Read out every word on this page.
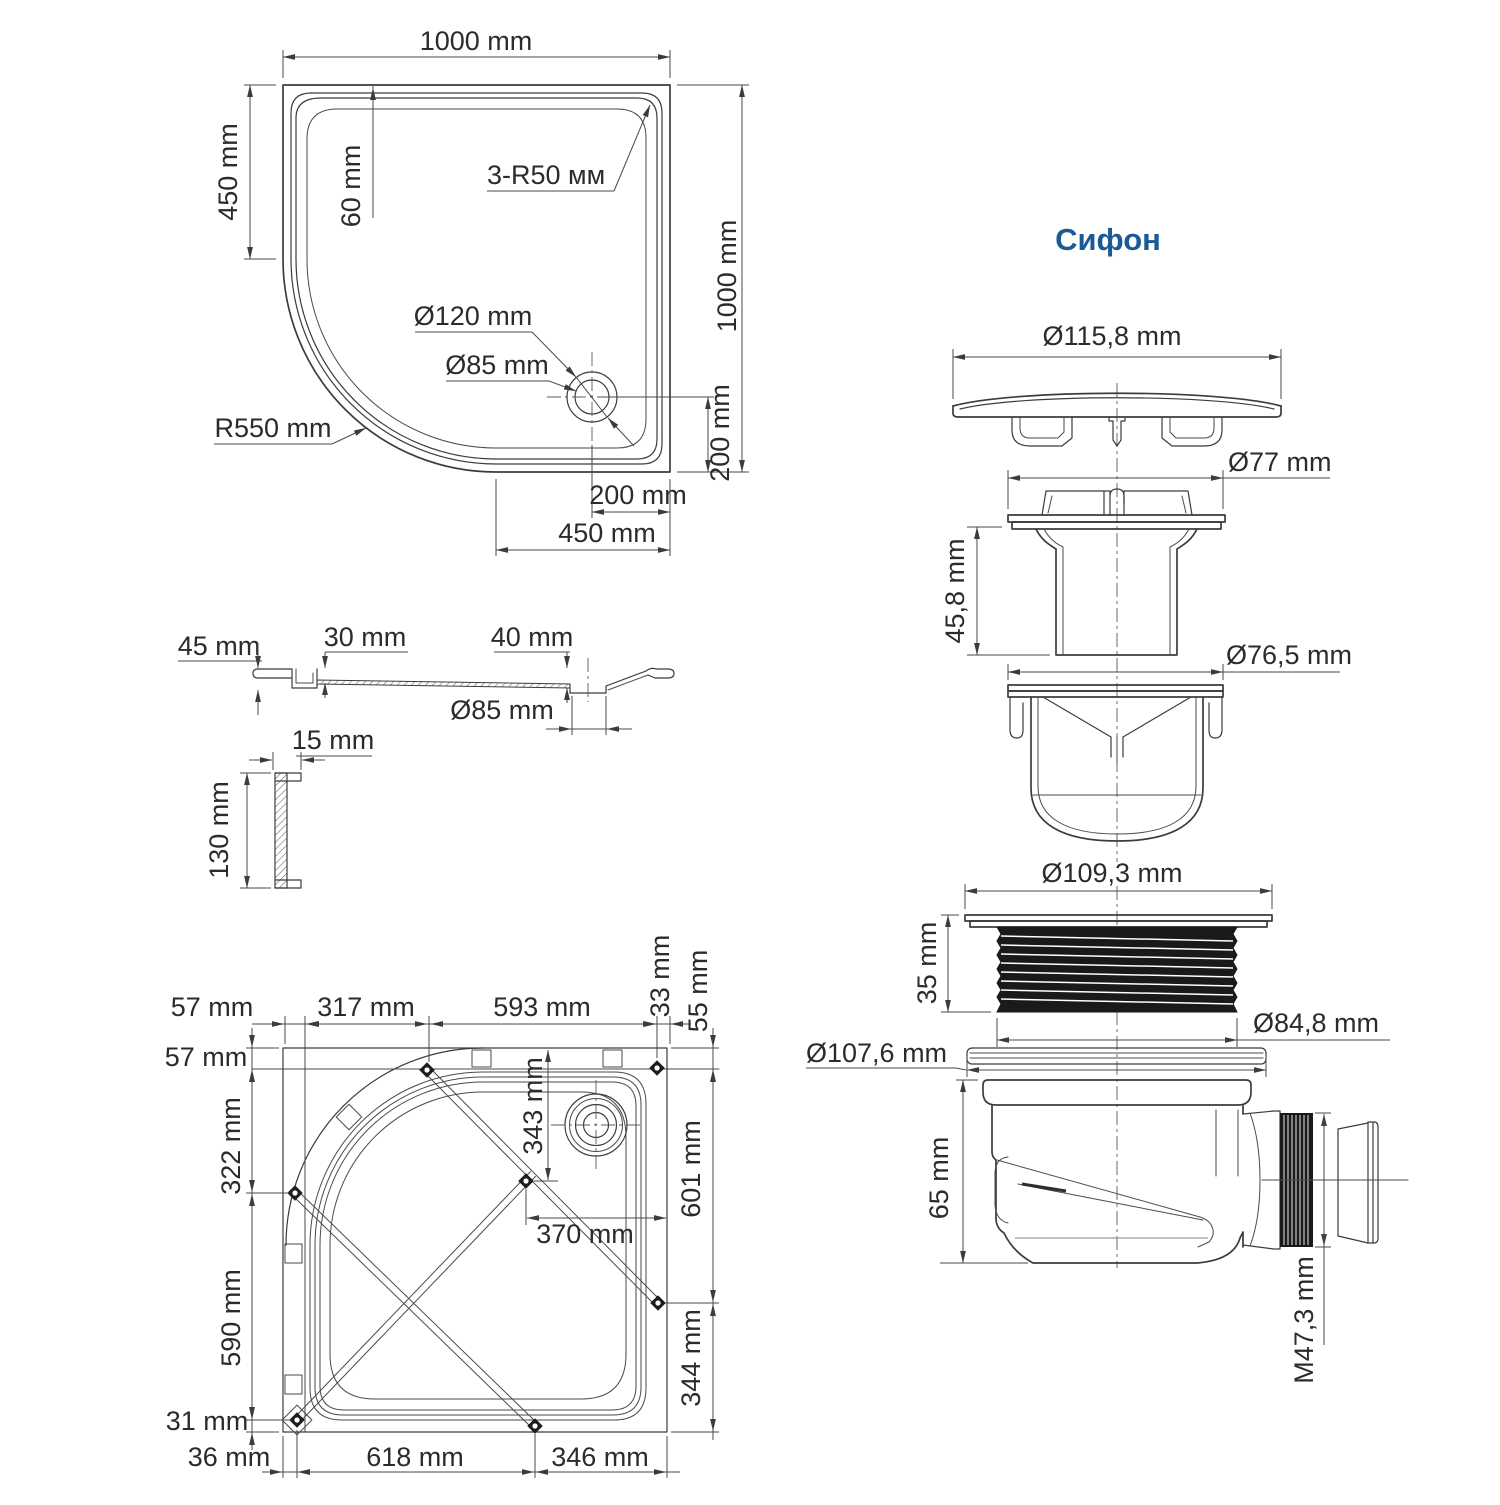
1000 mm
450 mm	60 mm	3-R50 мм
Ø120 mm
Ø85 mm
R550 mm
1000 mm
200 mm
200 mm
450 mm
45 mm 30 mm	40 mm
Ø85 mm
15 mm
130 mm
57 mm 317 mm	593 mm 33 mm 55 mm
57 mm
322 mm
590 mm
31 mm
36 mm	618 mm	346 mm
601 mm
344 mm
343 mm
370 mm
Сифон
Ø115,8 mm
Ø77 mm
45,8 mm
Ø76,5 mm
Ø109,3 mm
35 mm
Ø84,8 mm
Ø107,6 mm
65 mm
M47,3 mm
